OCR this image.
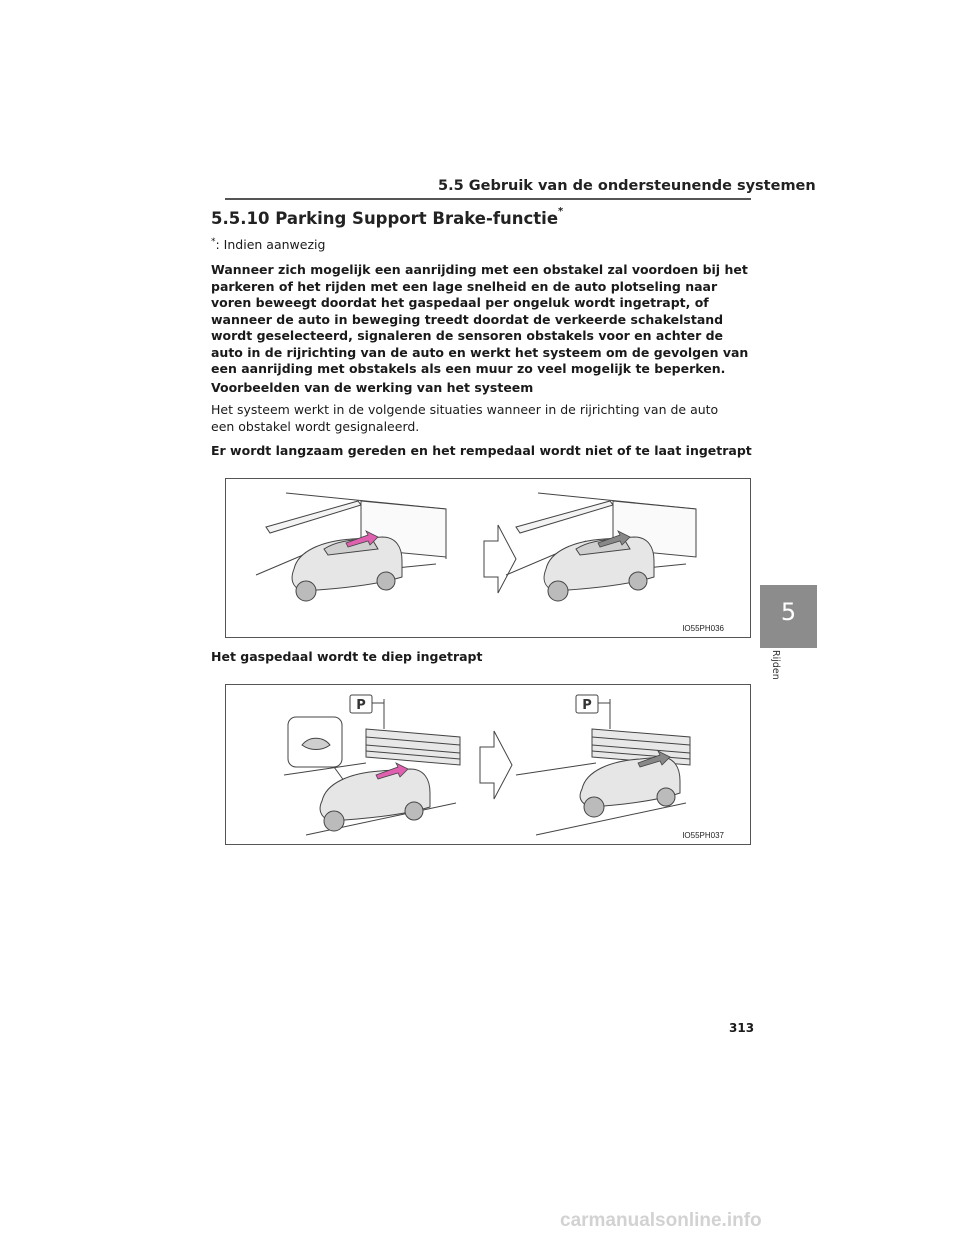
5.5 Gebruik van de ondersteunende systemen
5.5.10 Parking Support Brake-functie*
*: Indien aanwezig
Wanneer zich mogelijk een aanrijding met een obstakel zal voordoen bij het parkeren of het rijden met een lage snelheid en de auto plotseling naar voren beweegt doordat het gaspedaal per ongeluk wordt ingetrapt, of wanneer de auto in beweging treedt doordat de verkeerde schakelstand wordt geselecteerd, signaleren de sensoren obstakels voor en achter de auto in de rijrichting van de auto en werkt het systeem om de gevolgen van een aanrijding met obstakels als een muur zo veel mogelijk te beperken.
Voorbeelden van de werking van het systeem
Het systeem werkt in de volgende situaties wanneer in de rijrichting van de auto een obstakel wordt gesignaleerd.
Er wordt langzaam gereden en het rempedaal wordt niet of te laat ingetrapt
IO55PH036
Het gaspedaal wordt te diep ingetrapt
P	P
IO55PH037
5
Rijden
313
carmanualsonline.info
